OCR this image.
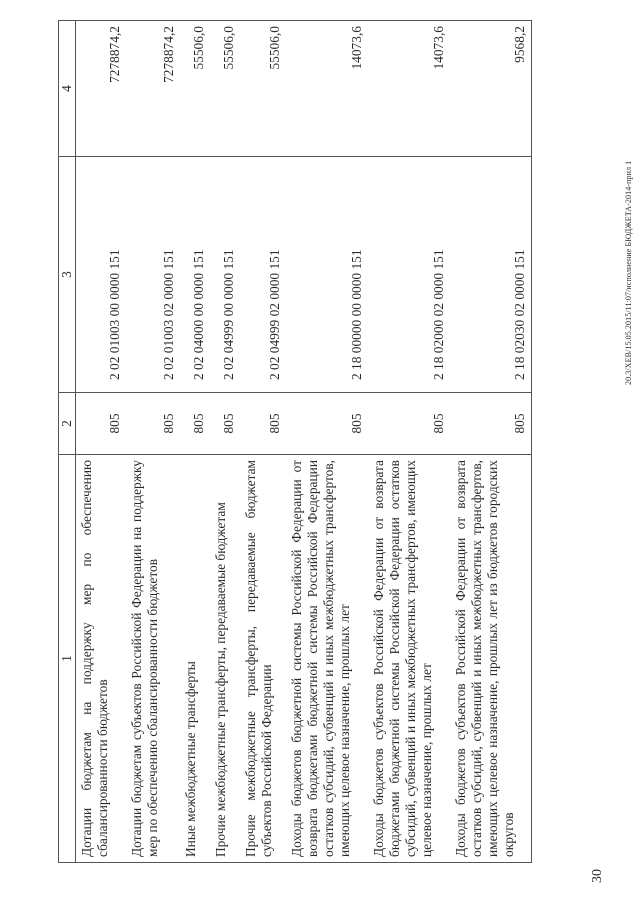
1	2	3	4
Дотации бюджетам на поддержку мер по обеспечению сбалансированности бюджетов	805	2 02 01003 00 0000 151	7278874,2
Дотации бюджетам субъектов Российской Федерации на поддержку мер по обеспечению сбалансированности бюджетов	805	2 02 01003 02 0000 151	7278874,2
Иные межбюджетные трансферты	805	2 02 04000 00 0000 151	55506,0
Прочие межбюджетные трансферты, передаваемые бюджетам	805	2 02 04999 00 0000 151	55506,0
Прочие межбюджетные трансферты, передаваемые бюджетам субъектов Российской Федерации	805	2 02 04999 02 0000 151	55506,0
Доходы бюджетов бюджетной системы Российской Федерации от возврата бюджетами бюджетной системы Российской Федерации остатков субсидий, субвенций и иных межбюджетных трансфертов, имеющих целевое назначение, прошлых лет	805	2 18 00000 00 0000 151	14073,6
Доходы бюджетов субъектов Российской Федерации от возврата бюджетами бюджетной системы Российской Федерации остатков субсидий, субвенций и иных межбюджетных трансфертов, имеющих целевое назначение, прошлых лет	805	2 18 02000 02 0000 151	14073,6
Доходы бюджетов субъектов Российской Федерации от возврата остатков субсидий, субвенций и иных межбюджетных трансфертов, имеющих целевое назначение, прошлых лет из бюджетов городских округов	805	2 18 02030 02 0000 151	9568,2
30
20.3/ХЕВ/15.05.2015/11:07/исполнение БЮДЖЕТА-2014-прил 1
